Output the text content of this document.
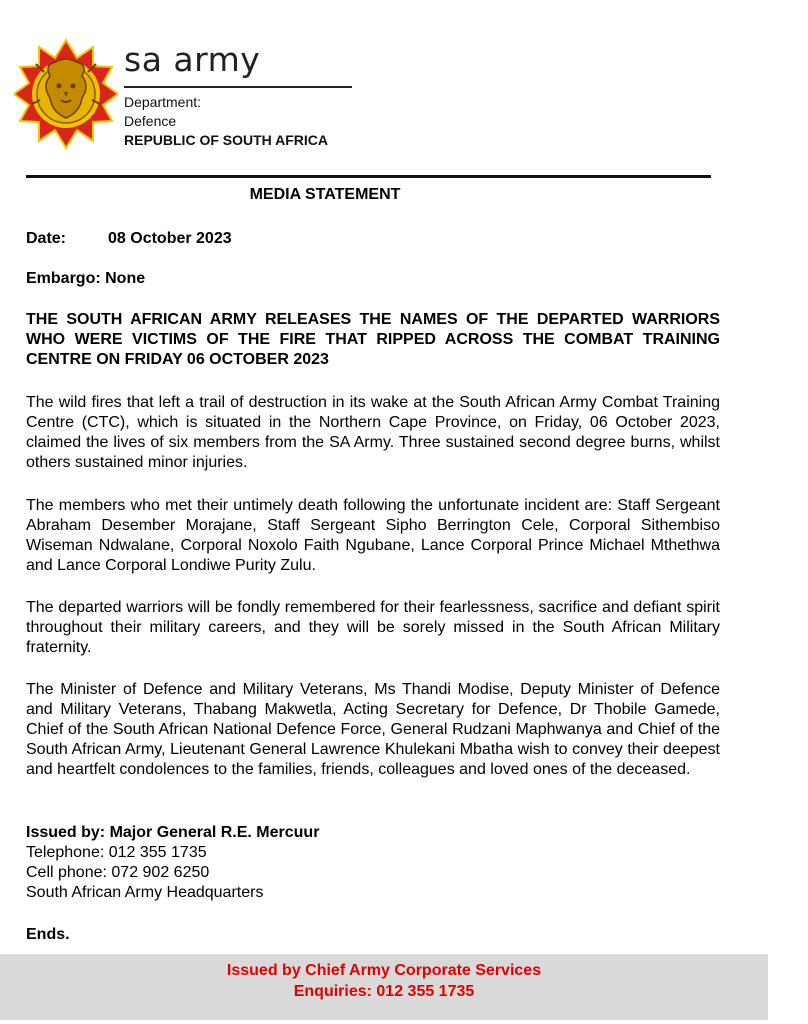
sa army
Department:
Defence
REPUBLIC OF SOUTH AFRICA
MEDIA STATEMENT
Date:	08 October 2023
Embargo: None
THE SOUTH AFRICAN ARMY RELEASES THE NAMES OF THE DEPARTED WARRIORS WHO WERE VICTIMS OF THE FIRE THAT RIPPED ACROSS THE COMBAT TRAINING CENTRE ON FRIDAY 06 OCTOBER 2023
The wild fires that left a trail of destruction in its wake at the South African Army Combat Training Centre (CTC), which is situated in the Northern Cape Province, on Friday, 06 October 2023, claimed the lives of six members from the SA Army. Three sustained second degree burns, whilst others sustained minor injuries.
The members who met their untimely death following the unfortunate incident are: Staff Sergeant Abraham Desember Morajane, Staff Sergeant Sipho Berrington Cele, Corporal Sithembiso Wiseman Ndwalane, Corporal Noxolo Faith Ngubane, Lance Corporal Prince Michael Mthethwa and Lance Corporal Londiwe Purity Zulu.
The departed warriors will be fondly remembered for their fearlessness, sacrifice and defiant spirit throughout their military careers, and they will be sorely missed in the South African Military fraternity.
The Minister of Defence and Military Veterans, Ms Thandi Modise, Deputy Minister of Defence and Military Veterans, Thabang Makwetla, Acting Secretary for Defence, Dr Thobile Gamede, Chief of the South African National Defence Force, General Rudzani Maphwanya and Chief of the South African Army, Lieutenant General Lawrence Khulekani Mbatha wish to convey their deepest and heartfelt condolences to the families, friends, colleagues and loved ones of the deceased.
Issued by: Major General R.E. Mercuur
Telephone: 012 355 1735
Cell phone: 072 902 6250
South African Army Headquarters
Ends.
Issued by Chief Army Corporate Services
Enquiries: 012 355 1735
